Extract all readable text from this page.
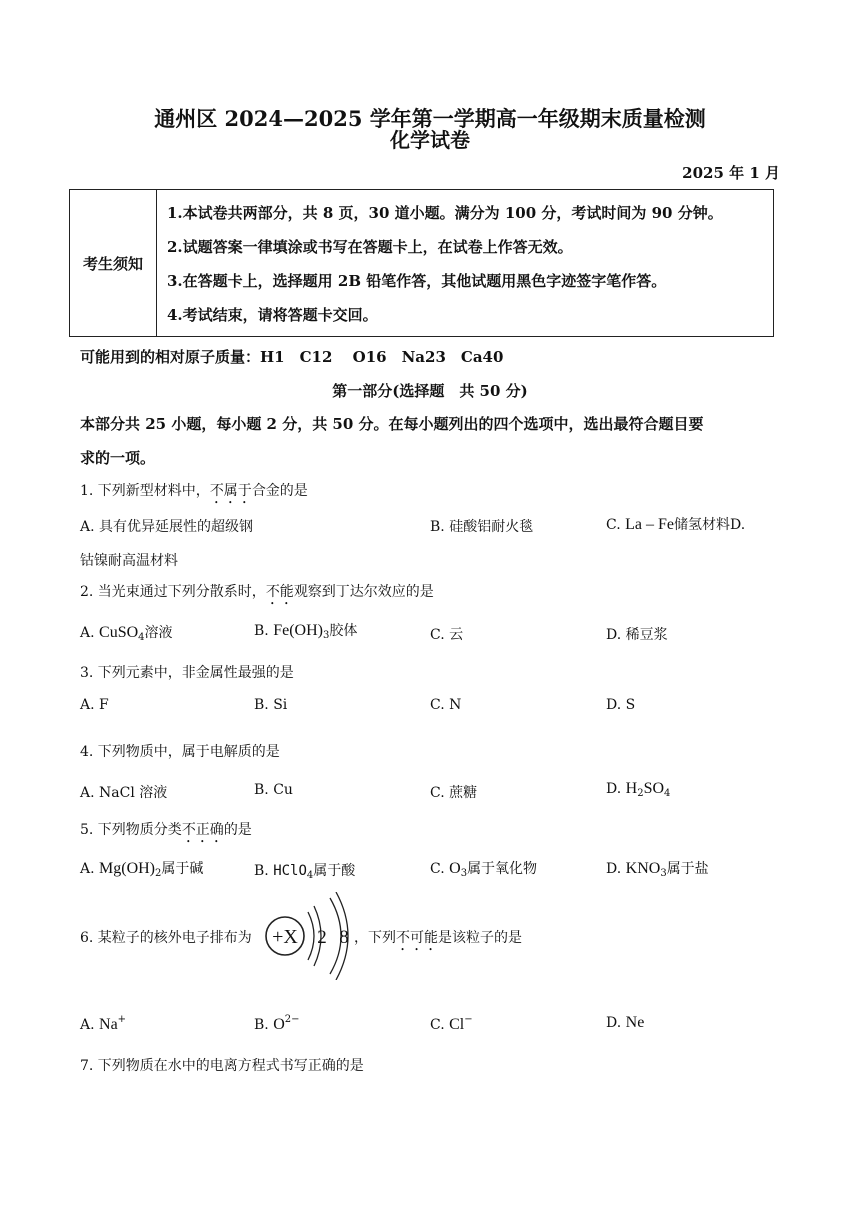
通州区 2024—2025 学年第一学期高一年级期末质量检测
化学试卷
2025 年 1 月
考生须知	
1.本试卷共两部分，共 8 页，30 道小题。满分为 100 分，考试时间为 90 分钟。
2.试题答案一律填涂或书写在答题卡上，在试卷上作答无效。
3.在答题卡上，选择题用 2B 铅笔作答，其他试题用黑色字迹签字笔作答。
4.考试结束，请将答题卡交回。
可能用到的相对原子质量：H1　C12　 O16　Na23　Ca40
第一部分(选择题　共 50 分)
本部分共 25 小题，每小题 2 分，共 50 分。在每小题列出的四个选项中，选出最符合题目要
求的一项。
1. 下列新型材料中，不属于合金的是
A. 具有优异延展性的超级钢	B. 硅酸铝耐火毯	C. La – Fe储氢材料D.
钴镍耐高温材料
2. 当光束通过下列分散系时，不能观察到丁达尔效应的是
A. CuSO$_4$溶液	B. $Fe(OH)_3$胶体	C. 云	D. 稀豆浆
3. 下列元素中，非金属性最强的是
A. F	B. Si	C. N	D. S
4. 下列物质中，属于电解质的是
A. NaCl 溶液	B. Cu	C. 蔗糖	D. $H_2SO_4$
5. 下列物质分类不正确的是
A. $Mg(OH)_2$属于碱	B. HClO$_4$属于酸	C. $O_3$属于氧化物	D. $KNO_3$属于盐
6. 某粒子的核外电子排布为 +X 2 8 ，下列不可能是该粒子的是
A. Na+	B. $O^{2-}$	C. Cl−	D. Ne
7. 下列物质在水中的电离方程式书写正确的是
